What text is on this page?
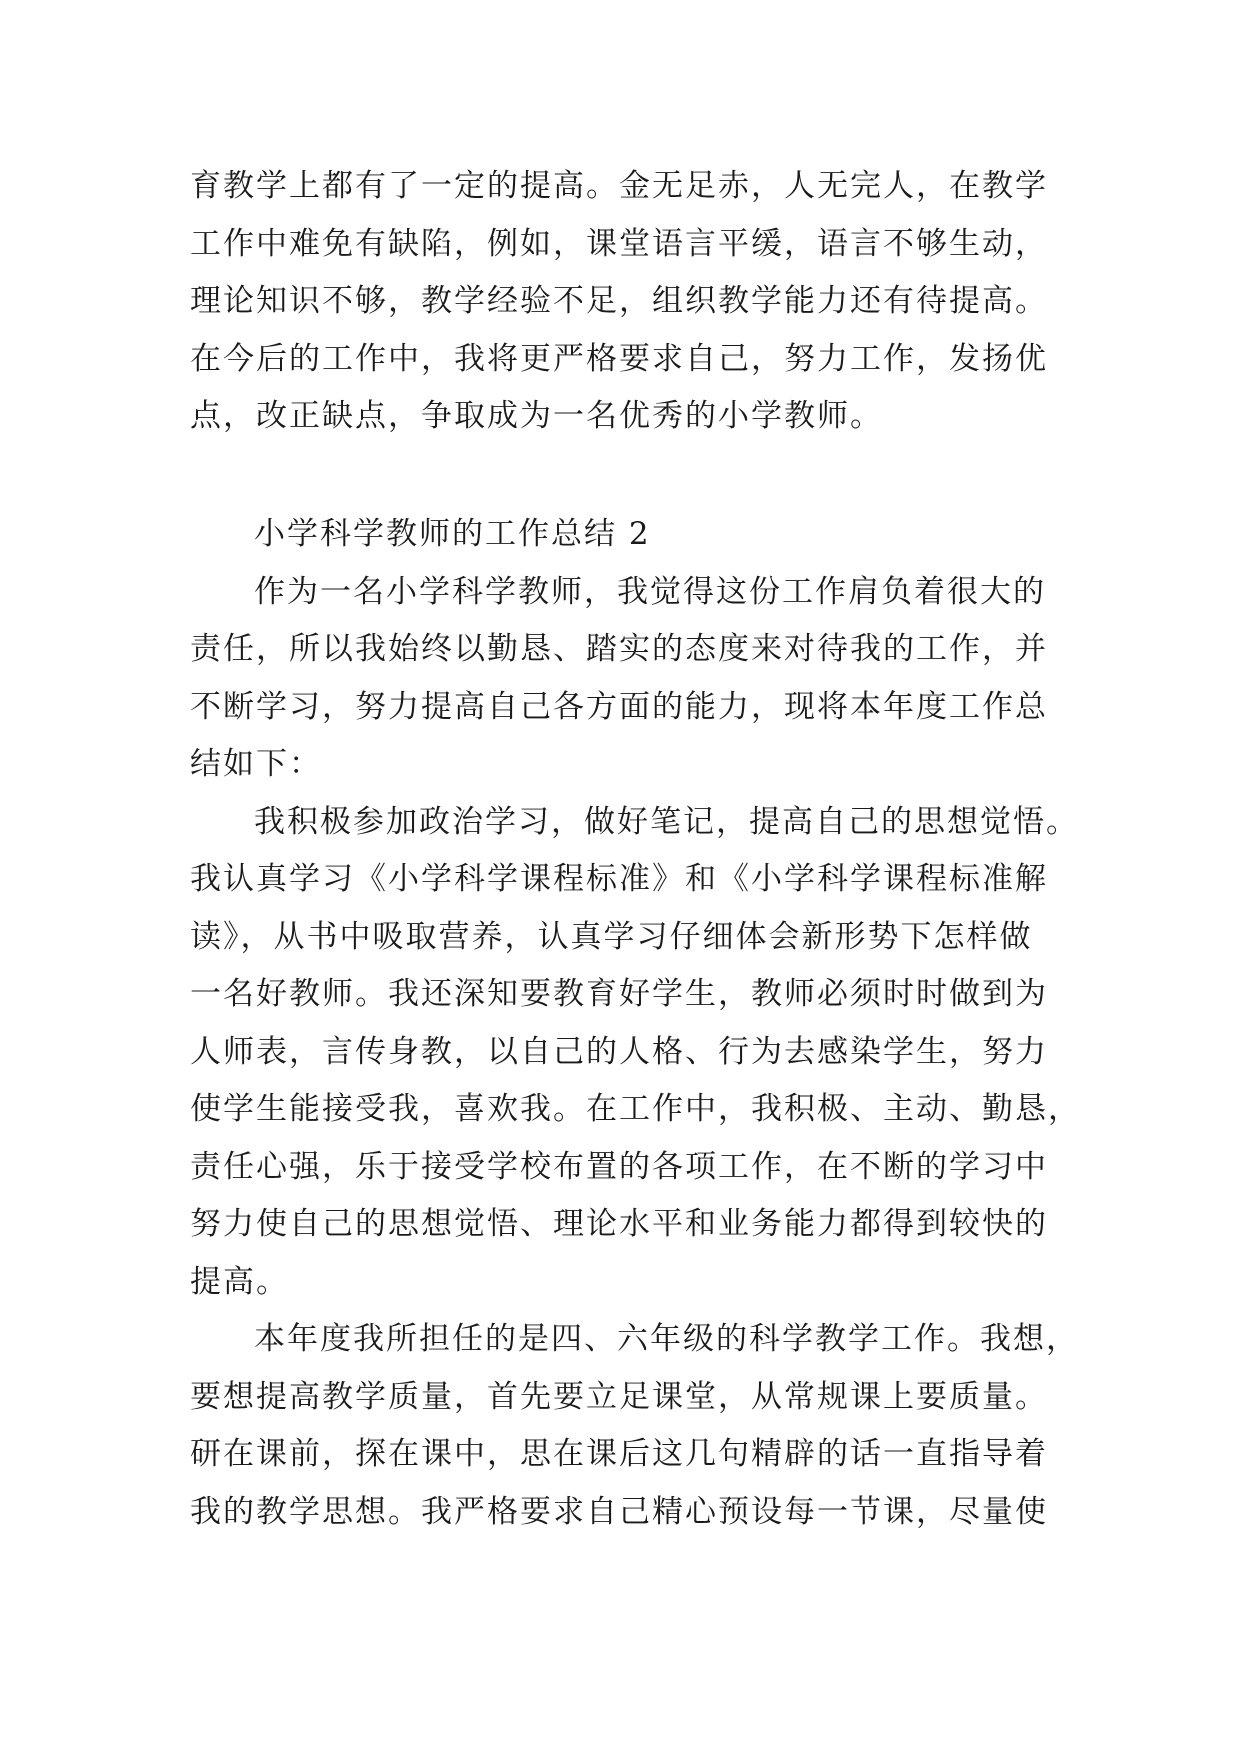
育教学上都有了一定的提高。金无足赤，人无完人，在教学
工作中难免有缺陷，例如，课堂语言平缓，语言不够生动，
理论知识不够，教学经验不足，组织教学能力还有待提高。
在今后的工作中，我将更严格要求自己，努力工作，发扬优
点，改正缺点，争取成为一名优秀的小学教师。
小学科学教师的工作总结 2
作为一名小学科学教师，我觉得这份工作肩负着很大的
责任，所以我始终以勤恳、踏实的态度来对待我的工作，并
不断学习，努力提高自己各方面的能力，现将本年度工作总
结如下：
我积极参加政治学习，做好笔记，提高自己的思想觉悟。
我认真学习《小学科学课程标准》和《小学科学课程标准解
读》，从书中吸取营养，认真学习仔细体会新形势下怎样做
一名好教师。我还深知要教育好学生，教师必须时时做到为
人师表，言传身教，以自己的人格、行为去感染学生，努力
使学生能接受我，喜欢我。在工作中，我积极、主动、勤恳，
责任心强，乐于接受学校布置的各项工作，在不断的学习中
努力使自己的思想觉悟、理论水平和业务能力都得到较快的
提高。
本年度我所担任的是四、六年级的科学教学工作。我想，
要想提高教学质量，首先要立足课堂，从常规课上要质量。
研在课前，探在课中，思在课后这几句精辟的话一直指导着
我的教学思想。我严格要求自己精心预设每一节课，尽量使
